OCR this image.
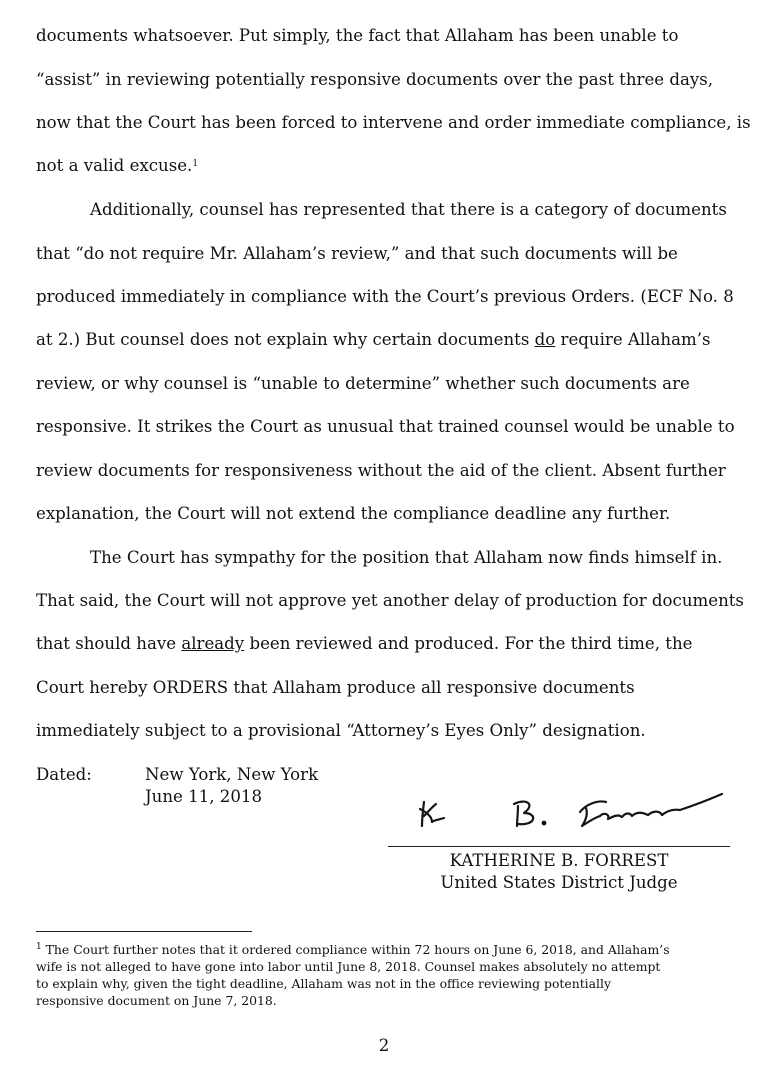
documents whatsoever. Put simply, the fact that Allaham has been unable to
“assist” in reviewing potentially responsive documents over the past three days,
now that the Court has been forced to intervene and order immediate compliance, is
not a valid excuse.$^1$
Additionally, counsel has represented that there is a category of documents
that “do not require Mr. Allaham’s review,” and that such documents will be
produced immediately in compliance with the Court’s previous Orders. (ECF No. 8
at 2.) But counsel does not explain why certain documents do require Allaham’s
review, or why counsel is “unable to determine” whether such documents are
responsive. It strikes the Court as unusual that trained counsel would be unable to
review documents for responsiveness without the aid of the client. Absent further
explanation, the Court will not extend the compliance deadline any further.
The Court has sympathy for the position that Allaham now finds himself in.
That said, the Court will not approve yet another delay of production for documents
that should have already been reviewed and produced. For the third time, the
Court hereby ORDERS that Allaham produce all responsive documents
immediately subject to a provisional “Attorney’s Eyes Only” designation.
Dated:	New York, New York
June 11, 2018
KATHERINE B. FORREST
United States District Judge
$^1$ The Court further notes that it ordered compliance within 72 hours on June 6, 2018, and Allaham’s
wife is not alleged to have gone into labor until June 8, 2018. Counsel makes absolutely no attempt
to explain why, given the tight deadline, Allaham was not in the office reviewing potentially
responsive document on June 7, 2018.
2
